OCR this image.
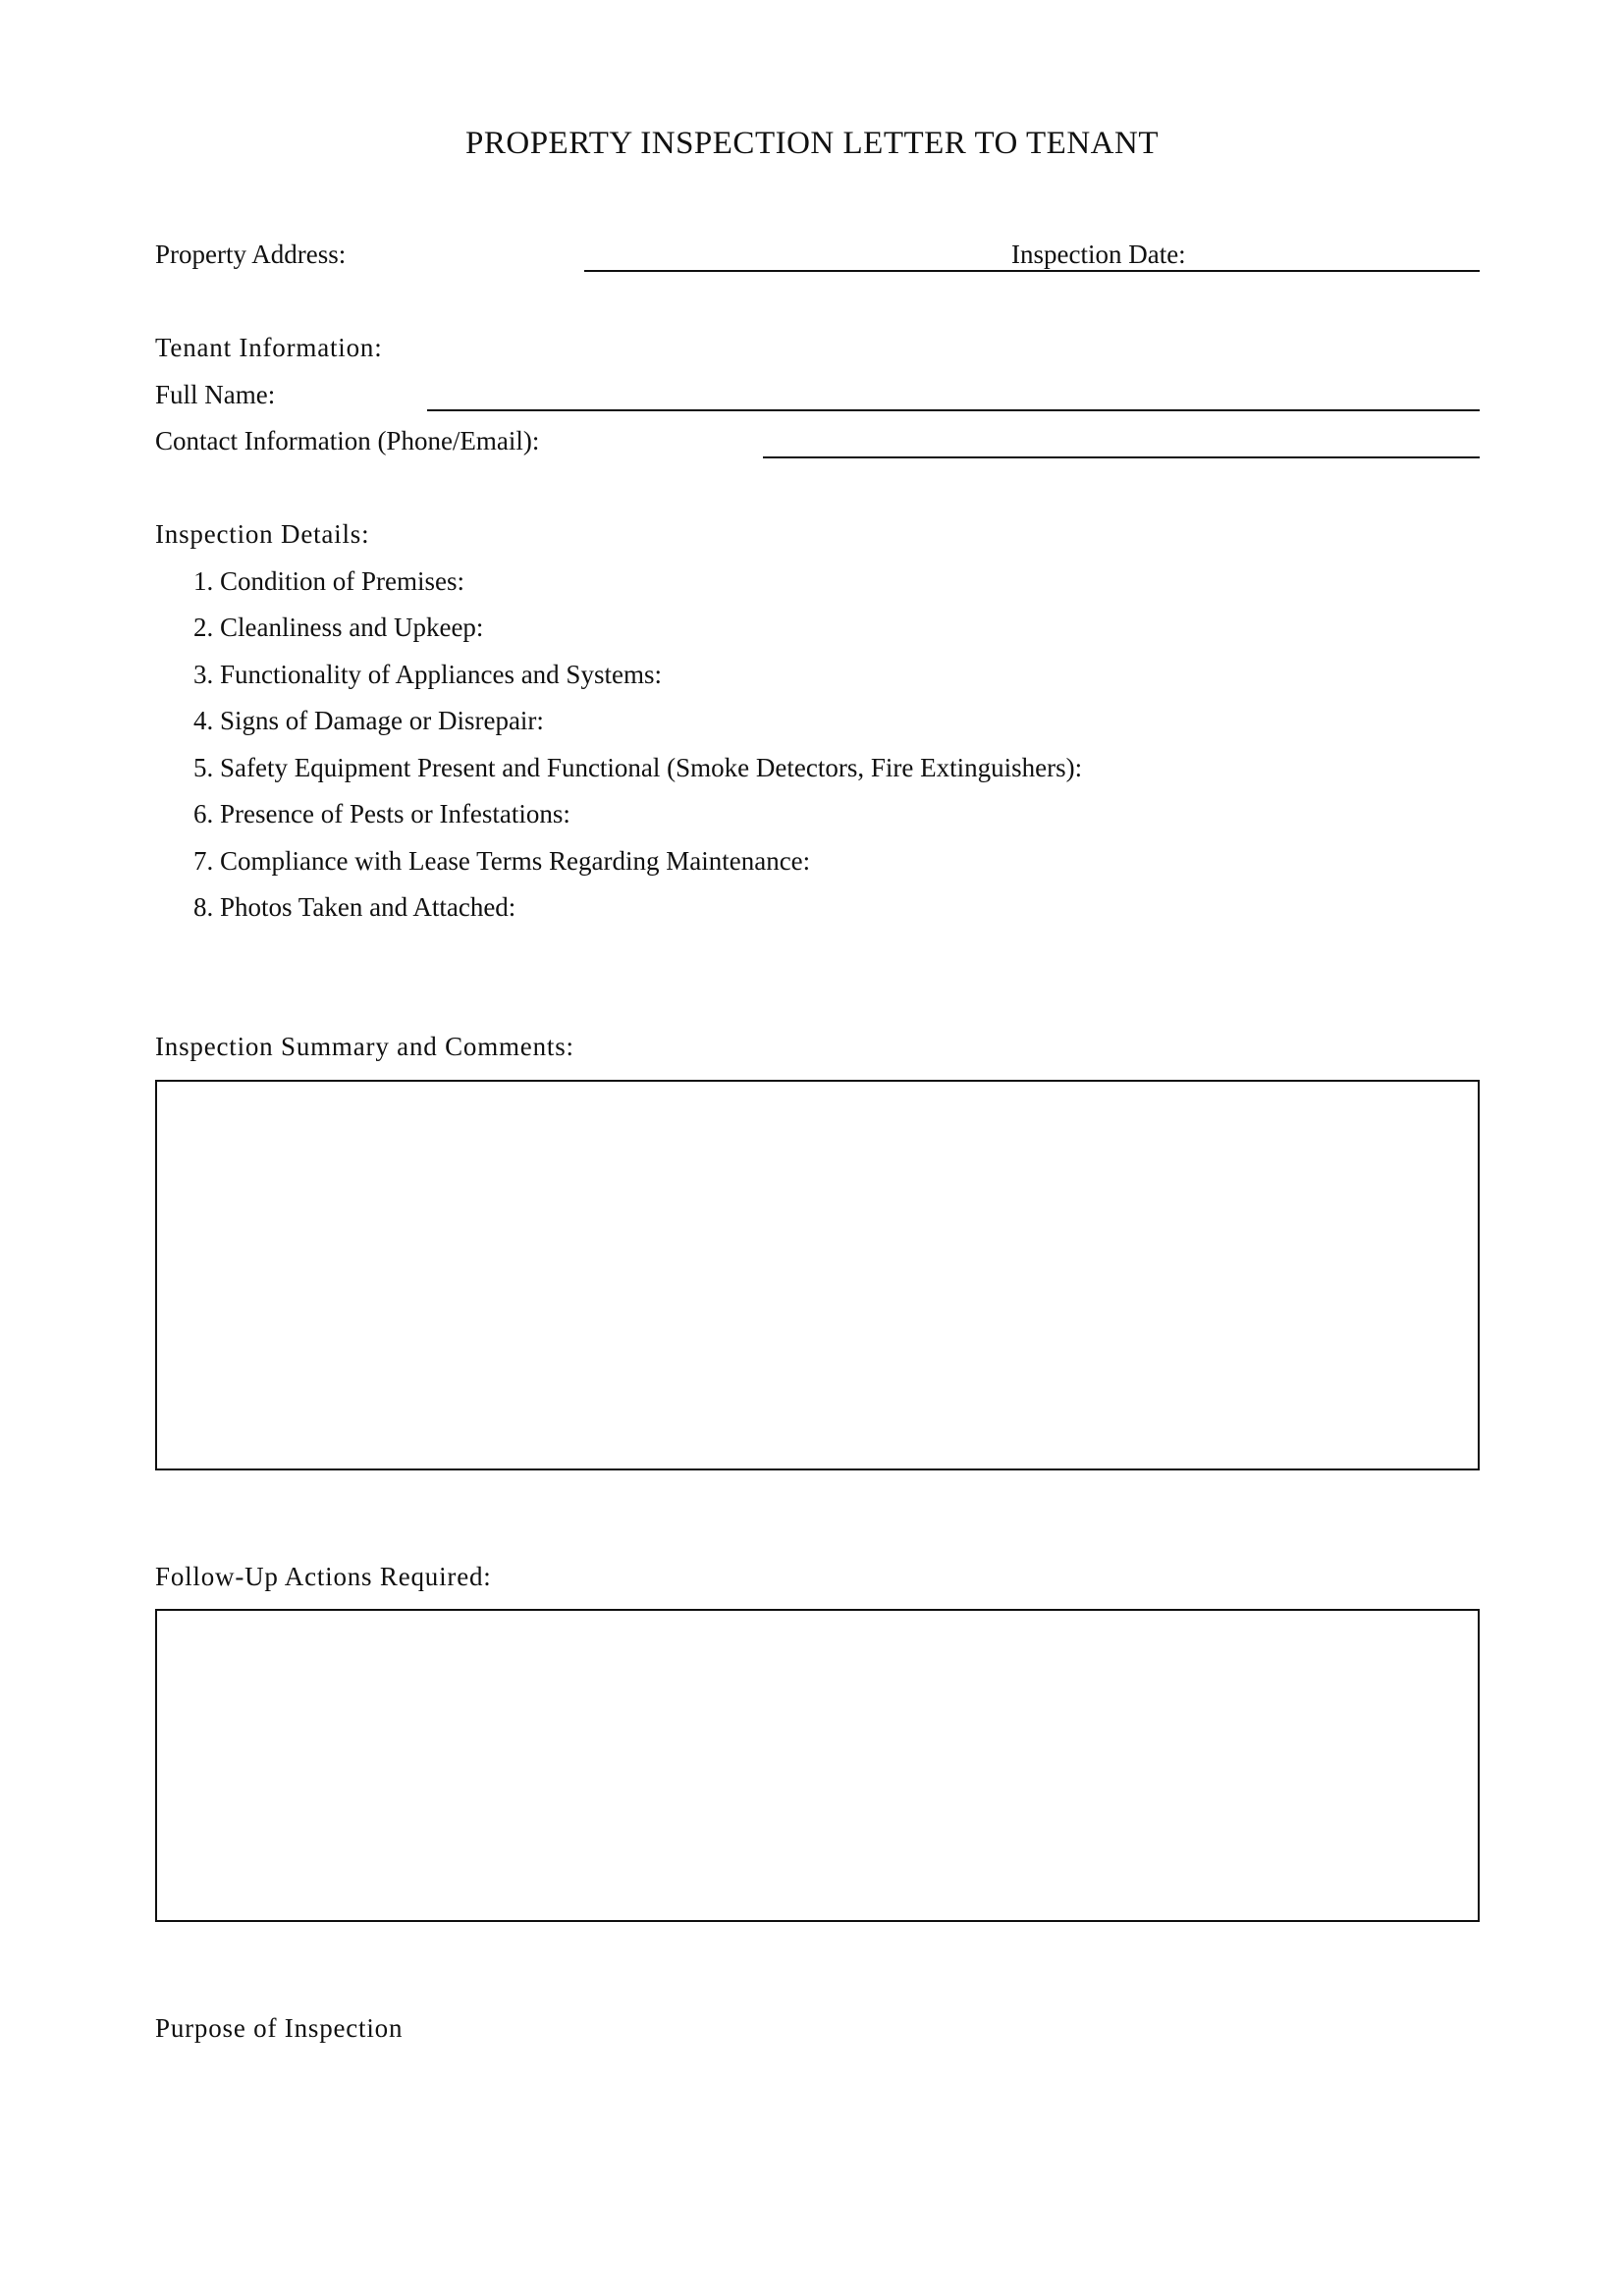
PROPERTY INSPECTION LETTER TO TENANT
Property Address:	Inspection Date:
Tenant Information:
Full Name:
Contact Information (Phone/Email):
Inspection Details:
1. Condition of Premises:
2. Cleanliness and Upkeep:
3. Functionality of Appliances and Systems:
4. Signs of Damage or Disrepair:
5. Safety Equipment Present and Functional (Smoke Detectors, Fire Extinguishers):
6. Presence of Pests or Infestations:
7. Compliance with Lease Terms Regarding Maintenance:
8. Photos Taken and Attached:
Inspection Summary and Comments:
Follow-Up Actions Required:
Purpose of Inspection
